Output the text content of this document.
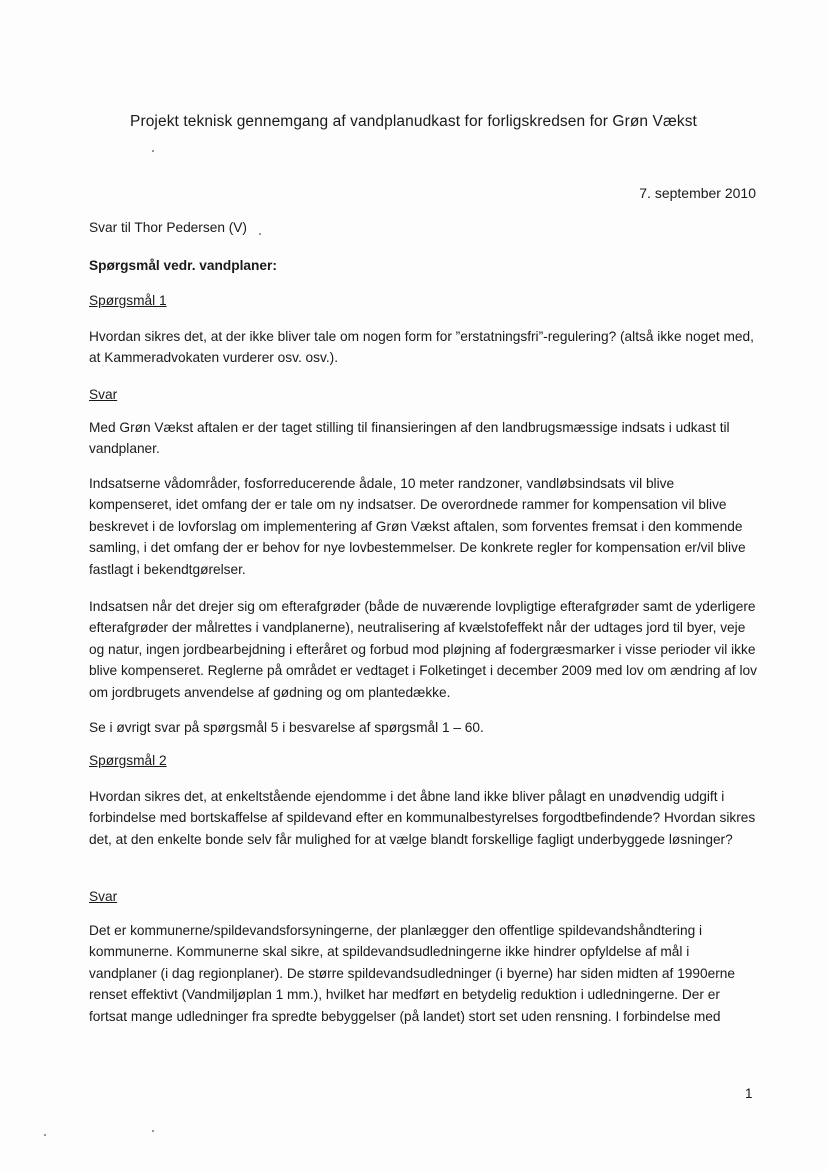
Projekt teknisk gennemgang af vandplanudkast for forligskredsen for Grøn Vækst
7. september 2010

Svar til Thor Pedersen (V)

Spørgsmål vedr. vandplaner:

Spørgsmål 1

Hvordan sikres det, at der ikke bliver tale om nogen form for ”erstatningsfri”-regulering? (altså ikke noget med, at Kammeradvokaten vurderer osv. osv.).

Svar

Med Grøn Vækst aftalen er der taget stilling til finansieringen af den landbrugsmæssige indsats i udkast til vandplaner.

Indsatserne vådområder, fosforreducerende ådale, 10 meter randzoner, vandløbsindsats vil blive kompenseret, idet omfang der er tale om ny indsatser. De overordnede rammer for kompensation vil blive beskrevet i de lovforslag om implementering af Grøn Vækst aftalen, som forventes fremsat i den kommende samling, i det omfang der er behov for nye lovbestemmelser. De konkrete regler for kompensation er/vil blive fastlagt i bekendtgørelser.

Indsatsen når det drejer sig om efterafgrøder (både de nuværende lovpligtige efterafgrøder samt de yderligere efterafgrøder der målrettes i vandplanerne), neutralisering af kvælstofeffekt når der udtages jord til byer, veje og natur, ingen jordbearbejdning i efteråret og forbud mod pløjning af fodergræsmarker i visse perioder vil ikke blive kompenseret. Reglerne på området er vedtaget i Folketinget i december 2009 med lov om ændring af lov om jordbrugets anvendelse af gødning og om plantedække.

Se i øvrigt svar på spørgsmål 5 i besvarelse af spørgsmål 1 – 60.

Spørgsmål 2

Hvordan sikres det, at enkeltstående ejendomme i det åbne land ikke bliver pålagt en unødvendig udgift i forbindelse med bortskaffelse af spildevand efter en kommunalbestyrelses forgodtbefindende? Hvordan sikres det, at den enkelte bonde selv får mulighed for at vælge blandt forskellige fagligt underbyggede løsninger?

Svar

Det er kommunerne/spildevandsforsyningerne, der planlægger den offentlige spildevandshåndtering i kommunerne. Kommunerne skal sikre, at spildevandsudledningerne ikke hindrer opfyldelse af mål i vandplaner (i dag regionplaner). De større spildevandsudledninger (i byerne) har siden midten af 1990erne renset effektivt (Vandmiljøplan 1 mm.), hvilket har medført en betydelig reduktion i udledningerne. Der er fortsat mange udledninger fra spredte bebyggelser (på landet) stort set uden rensning. I forbindelse med

1
